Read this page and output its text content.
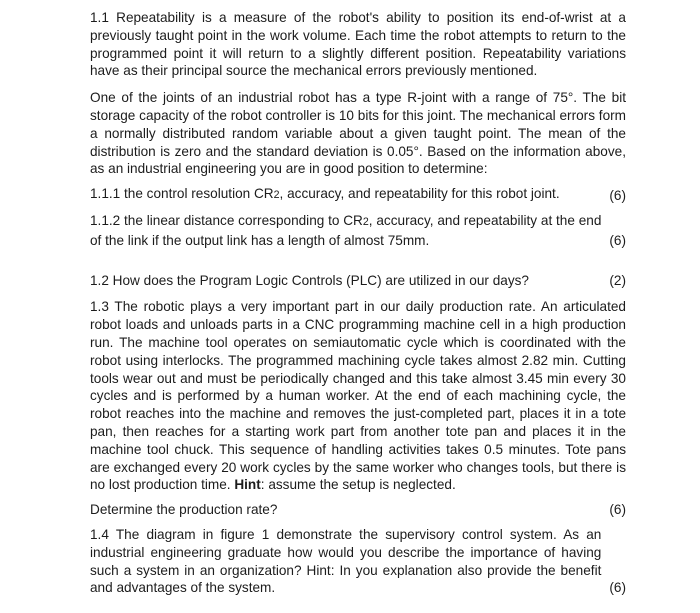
1.1 Repeatability is a measure of the robot's ability to position its end-of-wrist at a previously taught point in the work volume. Each time the robot attempts to return to the programmed point it will return to a slightly different position. Repeatability variations have as their principal source the mechanical errors previously mentioned.

One of the joints of an industrial robot has a type R-joint with a range of 75°. The bit storage capacity of the robot controller is 10 bits for this joint. The mechanical errors form a normally distributed random variable about a given taught point. The mean of the distribution is zero and the standard deviation is 0.05°. Based on the information above, as an industrial engineering you are in good position to determine:

1.1.1 the control resolution CR2, accuracy, and repeatability for this robot joint.	(6)
1.1.2 the linear distance corresponding to CR2, accuracy, and repeatability at the end of the link if the output link has a length of almost 75mm.	(6)
1.2 How does the Program Logic Controls (PLC) are utilized in our days?	(2)

1.3 The robotic plays a very important part in our daily production rate. An articulated robot loads and unloads parts in a CNC programming machine cell in a high production run. The machine tool operates on semiautomatic cycle which is coordinated with the robot using interlocks. The programmed machining cycle takes almost 2.82 min. Cutting tools wear out and must be periodically changed and this take almost 3.45 min every 30 cycles and is performed by a human worker. At the end of each machining cycle, the robot reaches into the machine and removes the just-completed part, places it in a tote pan, then reaches for a starting work part from another tote pan and places it in the machine tool chuck. This sequence of handling activities takes 0.5 minutes. Tote pans are exchanged every 20 work cycles by the same worker who changes tools, but there is no lost production time. Hint: assume the setup is neglected.

Determine the production rate?	(6)
1.4 The diagram in figure 1 demonstrate the supervisory control system. As an industrial engineering graduate how would you describe the importance of having such a system in an organization? Hint: In you explanation also provide the benefit and advantages of the system.	(6)
